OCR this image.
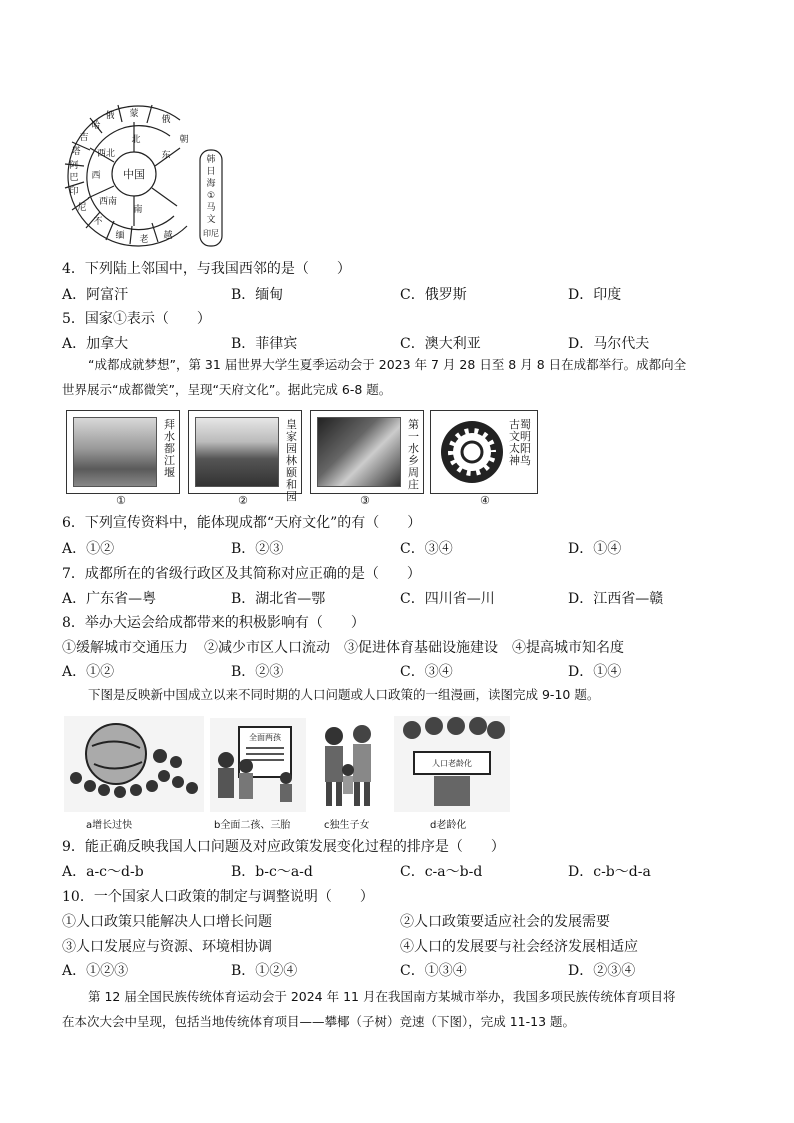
中国
北
东
南
西南
西
西北
蒙
俄
朝
越
老
缅
不
尼
印
巴
阿
塔
吉
哈
俄
韩
日
海
①
马
文
印尼
4．下列陆上邻国中，与我国西邻的是（　　）
A．阿富汗	B．缅甸	C．俄罗斯	D．印度
5．国家①表示（　　）
A．加拿大	B．菲律宾	C．澳大利亚	D．马尔代夫
“成都成就梦想”，第 31 届世界大学生夏季运动会于 2023 年 7 月 28 日至 8 月 8 日在成都举行。成都向全
世界展示“成都微笑”，呈现“天府文化”。据此完成 6-8 题。
拜水都江堰
①
皇家园林颐和园
②
第一水乡周庄
③
古蜀文明太阳神鸟
④
6．下列宣传资料中，能体现成都“天府文化”的有（　　）
A．①②	B．②③	C．③④	D．①④
7．成都所在的省级行政区及其简称对应正确的是（　　）
A．广东省—粤	B．湖北省—鄂	C．四川省—川	D．江西省—赣
8．举办大运会给成都带来的积极影响有（　　）
①缓解城市交通压力 ②减少市区人口流动 ③促进体育基础设施建设 ④提高城市知名度
A．①②	B．②③	C．③④	D．①④
下图是反映新中国成立以来不同时期的人口问题或人口政策的一组漫画，读图完成 9-10 题。
a增长过快
全面两孩
b全面二孩、三胎	c独生子女
人口老龄化
d老龄化
9．能正确反映我国人口问题及对应政策发展变化过程的排序是（　　）
A．a-c～d-b	B．b-c～a-d	C．c-a～b-d	D．c-b～d-a
10．一个国家人口政策的制定与调整说明（　　）
①人口政策只能解决人口增长问题	②人口政策要适应社会的发展需要
③人口发展应与资源、环境相协调	④人口的发展要与社会经济发展相适应
A．①②③	B．①②④	C．①③④	D．②③④
第 12 届全国民族传统体育运动会于 2024 年 11 月在我国南方某城市举办，我国多项民族传统体育项目将
在本次大会中呈现，包括当地传统体育项目——攀椰（子树）竞速（下图），完成 11-13 题。
